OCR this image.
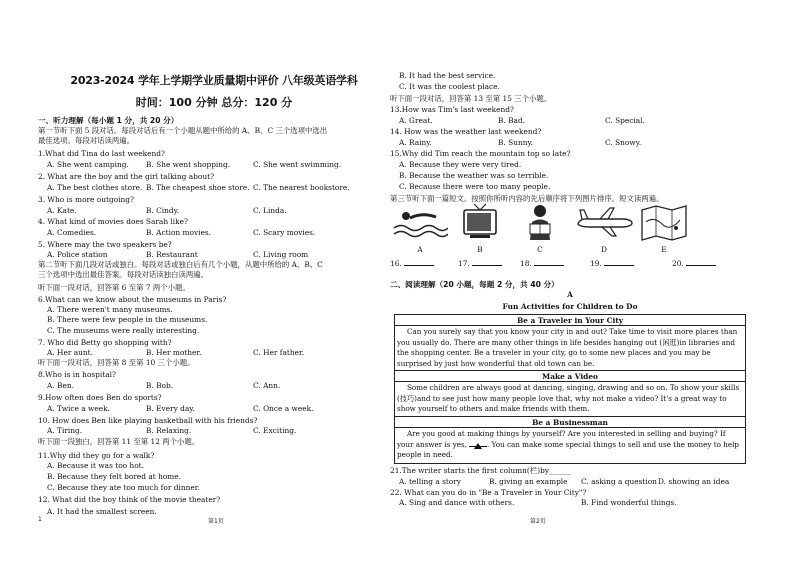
2023-2024 学年上学期学业质量期中评价 八年级英语学科
时间：100 分钟 总分：120 分
一、听力理解（每小题 1 分，共 20 分）
第一节听下面 5 段对话。每段对话后有一个小题从题中所给的 A、B、C 三个选项中选出
最佳选项。每段对话读两遍。
1.What did Tina do last weekend?
2. What are the boy and the girl talking about?
3. Who is more outgoing?
4. What kind of movies does Sarah like?
5. Where may the two speakers be?
第二节听下面几段对话或独白。每段对话或独白后有几个小题，从题中所给的 A、B、C
三个选项中选出最佳答案。每段对话读独白读两遍。
听下面一段对话，回答第 6 至第 7 两个小题。
6.What can we know about the museums in Paris?
A. There weren't many museums.
B. There were few people in the museums.
C. The museums were really interesting.
7. Who did Betty go shopping with?
听下面一段对话，回答第 8 至第 10 三个小题。
8.Who is in hospital?
9.How often does Ben do sports?
10. How does Ben like playing basketball with his friends?
听下面一段独白，回答第 11 至第 12 两个小题。
11.Why did they go for a walk?
A. Because it was too hot.
B. Because they felt bored at home.
C. Because they ate too much for dinner.
12. What did the boy think of the movie theater?
A. It had the smallest screen.
A. She went camping. B. She went shopping.	C. She went swimming.
A. The best clothes store. B. The cheapest shoe store. C. The nearest bookstore.
A. Kate.	B. Cindy.	C. Linda.
A. Comedies.	B. Action movies.	C. Scary movies.
A. Police station	B. Restaurant	C. Living room
A. Her aunt.	B. Her mother.	C. Her father.
A. Ben.	B. Bob.	C. Ann.
A. Twice a week.	B. Every day.	C. Once a week.
A. Tiring.	B. Relaxing.	C. Exciting.
第1页
1
B. It had the best service.
C. It was the coolest place.
听下面一段对话，回答第 13 至第 15 三个小题。
13.How was Tim's last weekend?
14. How was the weather last weekend?
15.Why did Tim reach the mountain top so late?
A. Because they were very tired.
B. Because the weather was so terrible.
C. Because there were too many people.
第三节听下面一篇短文。按照你所听内容的先后顺序将下列图片排序。短文读两遍。
二、阅读理解（20 小题，每题 2 分，共 40 分）
21.The writer starts the first column(栏)by______
22. What can you do in "Be a Traveler in Your City"?
A. Great.	B. Bad.	C. Special.
A. Rainy.	B. Sunny.	C. Snowy.
A. telling a story	B. giving an example C. asking a question D. showing an idea
A. Sing and dance with others.	B. Find wonderful things.
A	B	C	D	E
16.	17.	18.	19.	20.
A
Fun Activities for Children to Do
Be a Traveler in Your City
Can you surely say that you know your city in and out? Take time to visit more places than you usually do. There are many other things in life besides hanging out (闲逛)in libraries and the shopping center. Be a traveler in your city, go to some new places and you may be surprised by just how wonderful that old town can be.
Make a Video
Some children are always good at dancing, singing, drawing and so on. To show your skills (技巧)and to see just how many people love that, why not make a video? It's a great way to show yourself to others and make friends with them.
Be a Businessman
Are you good at making things by yourself? Are you interested in selling and buying? If your answer is yes,	. You can make some special things to sell and use the money to help people in need.
第2页
